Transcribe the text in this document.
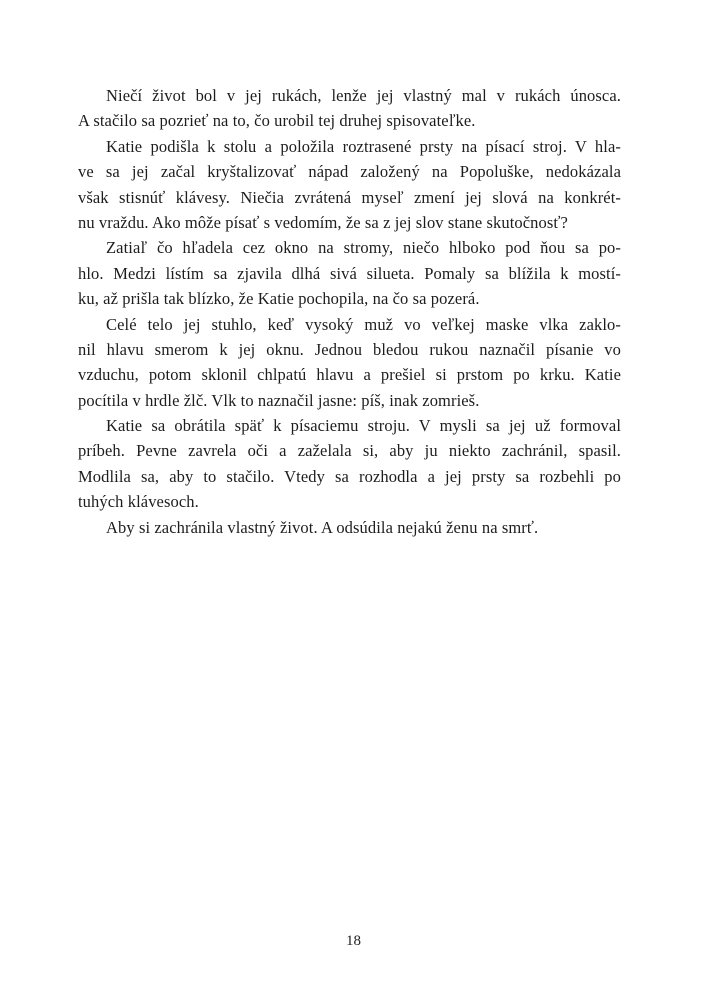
Niečí život bol v jej rukách, lenže jej vlastný mal v rukách únosca.
A stačilo sa pozrieť na to, čo urobil tej druhej spisovateľke.
Katie podišla k stolu a položila roztrasené prsty na písací stroj. V hla-
ve sa jej začal kryštalizovať nápad založený na Popoluške, nedokázala
však stisnúť klávesy. Niečia zvrátená myseľ zmení jej slová na konkrét-
nu vraždu. Ako môže písať s vedomím, že sa z jej slov stane skutočnosť?
Zatiaľ čo hľadela cez okno na stromy, niečo hlboko pod ňou sa po-
hlo. Medzi lístím sa zjavila dlhá sivá silueta. Pomaly sa blížila k mostí-
ku, až prišla tak blízko, že Katie pochopila, na čo sa pozerá.
Celé telo jej stuhlo, keď vysoký muž vo veľkej maske vlka zaklo-
nil hlavu smerom k jej oknu. Jednou bledou rukou naznačil písanie vo
vzduchu, potom sklonil chlpatú hlavu a prešiel si prstom po krku. Katie
pocítila v hrdle žlč. Vlk to naznačil jasne: píš, inak zomrieš.
Katie sa obrátila späť k písaciemu stroju. V mysli sa jej už formoval
príbeh. Pevne zavrela oči a zaželala si, aby ju niekto zachránil, spasil.
Modlila sa, aby to stačilo. Vtedy sa rozhodla a jej prsty sa rozbehli po
tuhých klávesoch.
Aby si zachránila vlastný život. A odsúdila nejakú ženu na smrť.
18
